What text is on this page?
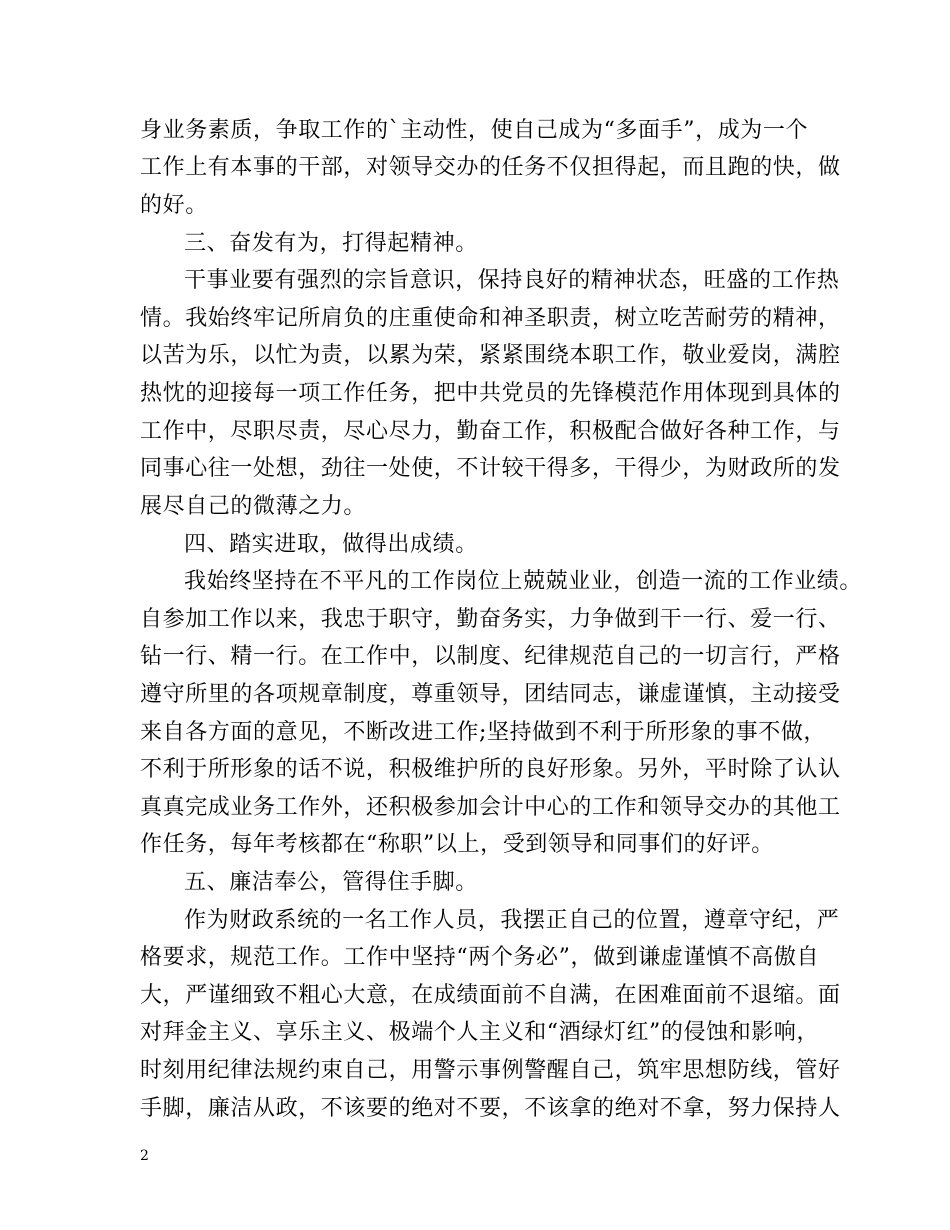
身业务素质，争取工作的`主动性，使自己成为“多面手”，成为一个
工作上有本事的干部，对领导交办的任务不仅担得起，而且跑的快，做
的好。
三、奋发有为，打得起精神。
干事业要有强烈的宗旨意识，保持良好的精神状态，旺盛的工作热
情。我始终牢记所肩负的庄重使命和神圣职责，树立吃苦耐劳的精神，
以苦为乐，以忙为责，以累为荣，紧紧围绕本职工作，敬业爱岗，满腔
热忱的迎接每一项工作任务，把中共党员的先锋模范作用体现到具体的
工作中，尽职尽责，尽心尽力，勤奋工作，积极配合做好各种工作，与
同事心往一处想，劲往一处使，不计较干得多，干得少，为财政所的发
展尽自己的微薄之力。
四、踏实进取，做得出成绩。
我始终坚持在不平凡的工作岗位上兢兢业业，创造一流的工作业绩。
自参加工作以来，我忠于职守，勤奋务实，力争做到干一行、爱一行、
钻一行、精一行。在工作中，以制度、纪律规范自己的一切言行，严格
遵守所里的各项规章制度，尊重领导，团结同志，谦虚谨慎，主动接受
来自各方面的意见，不断改进工作;坚持做到不利于所形象的事不做，
不利于所形象的话不说，积极维护所的良好形象。另外，平时除了认认
真真完成业务工作外，还积极参加会计中心的工作和领导交办的其他工
作任务，每年考核都在“称职”以上，受到领导和同事们的好评。
五、廉洁奉公，管得住手脚。
作为财政系统的一名工作人员，我摆正自己的位置，遵章守纪，严
格要求，规范工作。工作中坚持“两个务必”，做到谦虚谨慎不高傲自
大，严谨细致不粗心大意，在成绩面前不自满，在困难面前不退缩。面
对拜金主义、享乐主义、极端个人主义和“酒绿灯红”的侵蚀和影响，
时刻用纪律法规约束自己，用警示事例警醒自己，筑牢思想防线，管好
手脚，廉洁从政，不该要的绝对不要，不该拿的绝对不拿，努力保持人
2
